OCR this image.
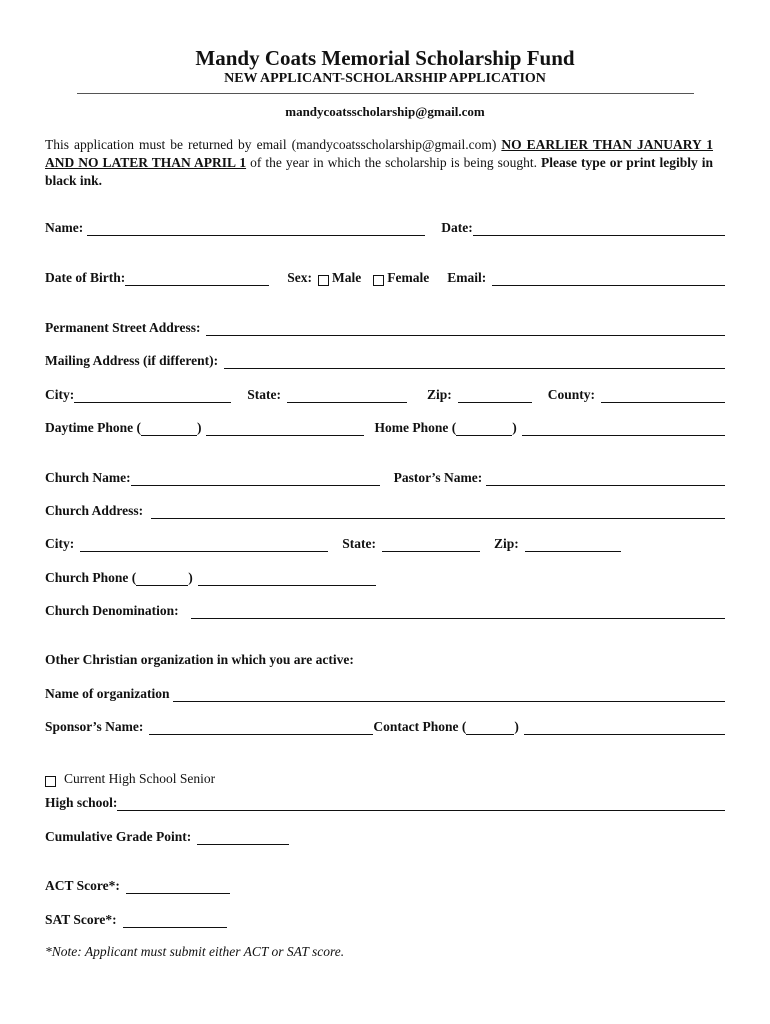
Mandy Coats Memorial Scholarship Fund
NEW APPLICANT-SCHOLARSHIP APPLICATION
mandycoatsscholarship@gmail.com
This application must be returned by email (mandycoatsscholarship@gmail.com) NO EARLIER THAN JANUARY 1 AND NO LATER THAN APRIL 1 of the year in which the scholarship is being sought. Please type or print legibly in black ink.
Name:	Date:
Date of Birth:	Sex: Male Female Email:
Permanent Street Address:
Mailing Address (if different):
City:	State:	Zip:	County:
Daytime Phone (	)	Home Phone (	)
Church Name:	Pastor’s Name:
Church Address:
City:	State:	Zip:
Church Phone (	)
Church Denomination:
Other Christian organization in which you are active:
Name of organization
Sponsor’s Name:	Contact Phone (	)
Current High School Senior
High school:
Cumulative Grade Point:
ACT Score*:
SAT Score*:
*Note: Applicant must submit either ACT or SAT score.
